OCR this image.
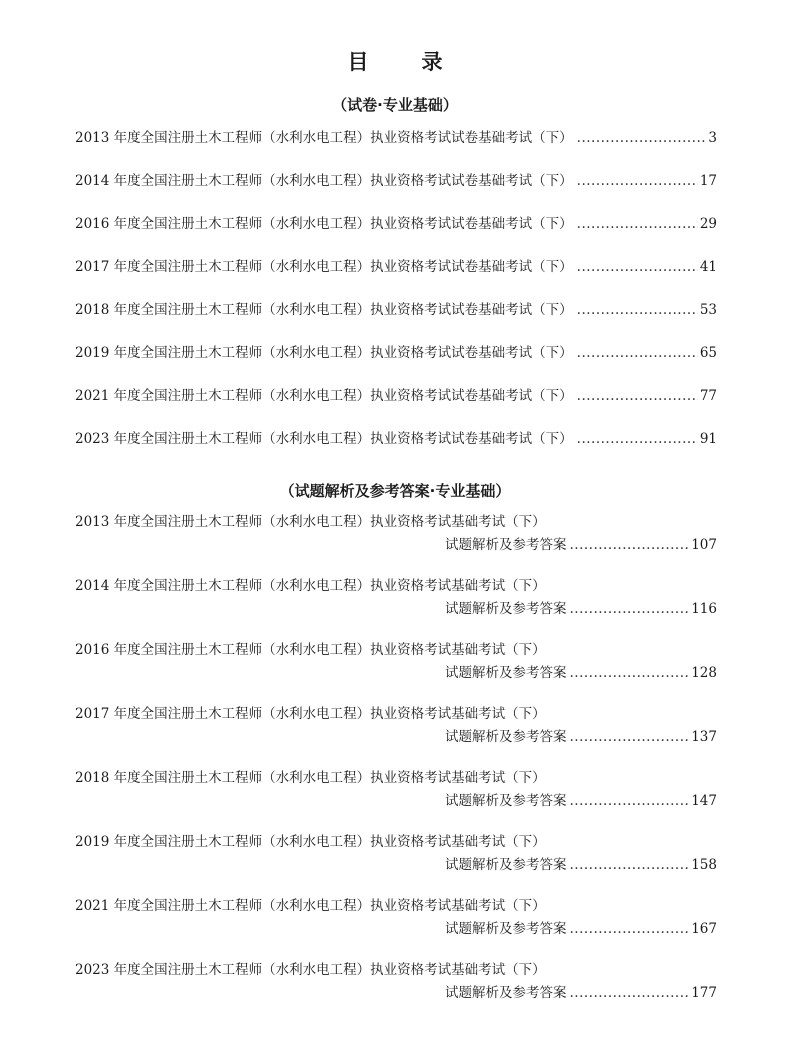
目　录
（试卷·专业基础）
2013 年度全国注册土木工程师（水利水电工程）执业资格考试试卷基础考试（下） .....	3
2014 年度全国注册土木工程师（水利水电工程）执业资格考试试卷基础考试（下） .....	17
2016 年度全国注册土木工程师（水利水电工程）执业资格考试试卷基础考试（下） .....	29
2017 年度全国注册土木工程师（水利水电工程）执业资格考试试卷基础考试（下） .....	41
2018 年度全国注册土木工程师（水利水电工程）执业资格考试试卷基础考试（下） .....	53
2019 年度全国注册土木工程师（水利水电工程）执业资格考试试卷基础考试（下） .....	65
2021 年度全国注册土木工程师（水利水电工程）执业资格考试试卷基础考试（下） .....	77
2023 年度全国注册土木工程师（水利水电工程）执业资格考试试卷基础考试（下） .....	91
（试题解析及参考答案·专业基础）
2013 年度全国注册土木工程师（水利水电工程）执业资格考试基础考试（下）
试题解析及参考答案 .....	107
2014 年度全国注册土木工程师（水利水电工程）执业资格考试基础考试（下）
试题解析及参考答案 .....	116
2016 年度全国注册土木工程师（水利水电工程）执业资格考试基础考试（下）
试题解析及参考答案 .....	128
2017 年度全国注册土木工程师（水利水电工程）执业资格考试基础考试（下）
试题解析及参考答案 .....	137
2018 年度全国注册土木工程师（水利水电工程）执业资格考试基础考试（下）
试题解析及参考答案 .....	147
2019 年度全国注册土木工程师（水利水电工程）执业资格考试基础考试（下）
试题解析及参考答案 .....	158
2021 年度全国注册土木工程师（水利水电工程）执业资格考试基础考试（下）
试题解析及参考答案 .....	167
2023 年度全国注册土木工程师（水利水电工程）执业资格考试基础考试（下）
试题解析及参考答案 .....	177
